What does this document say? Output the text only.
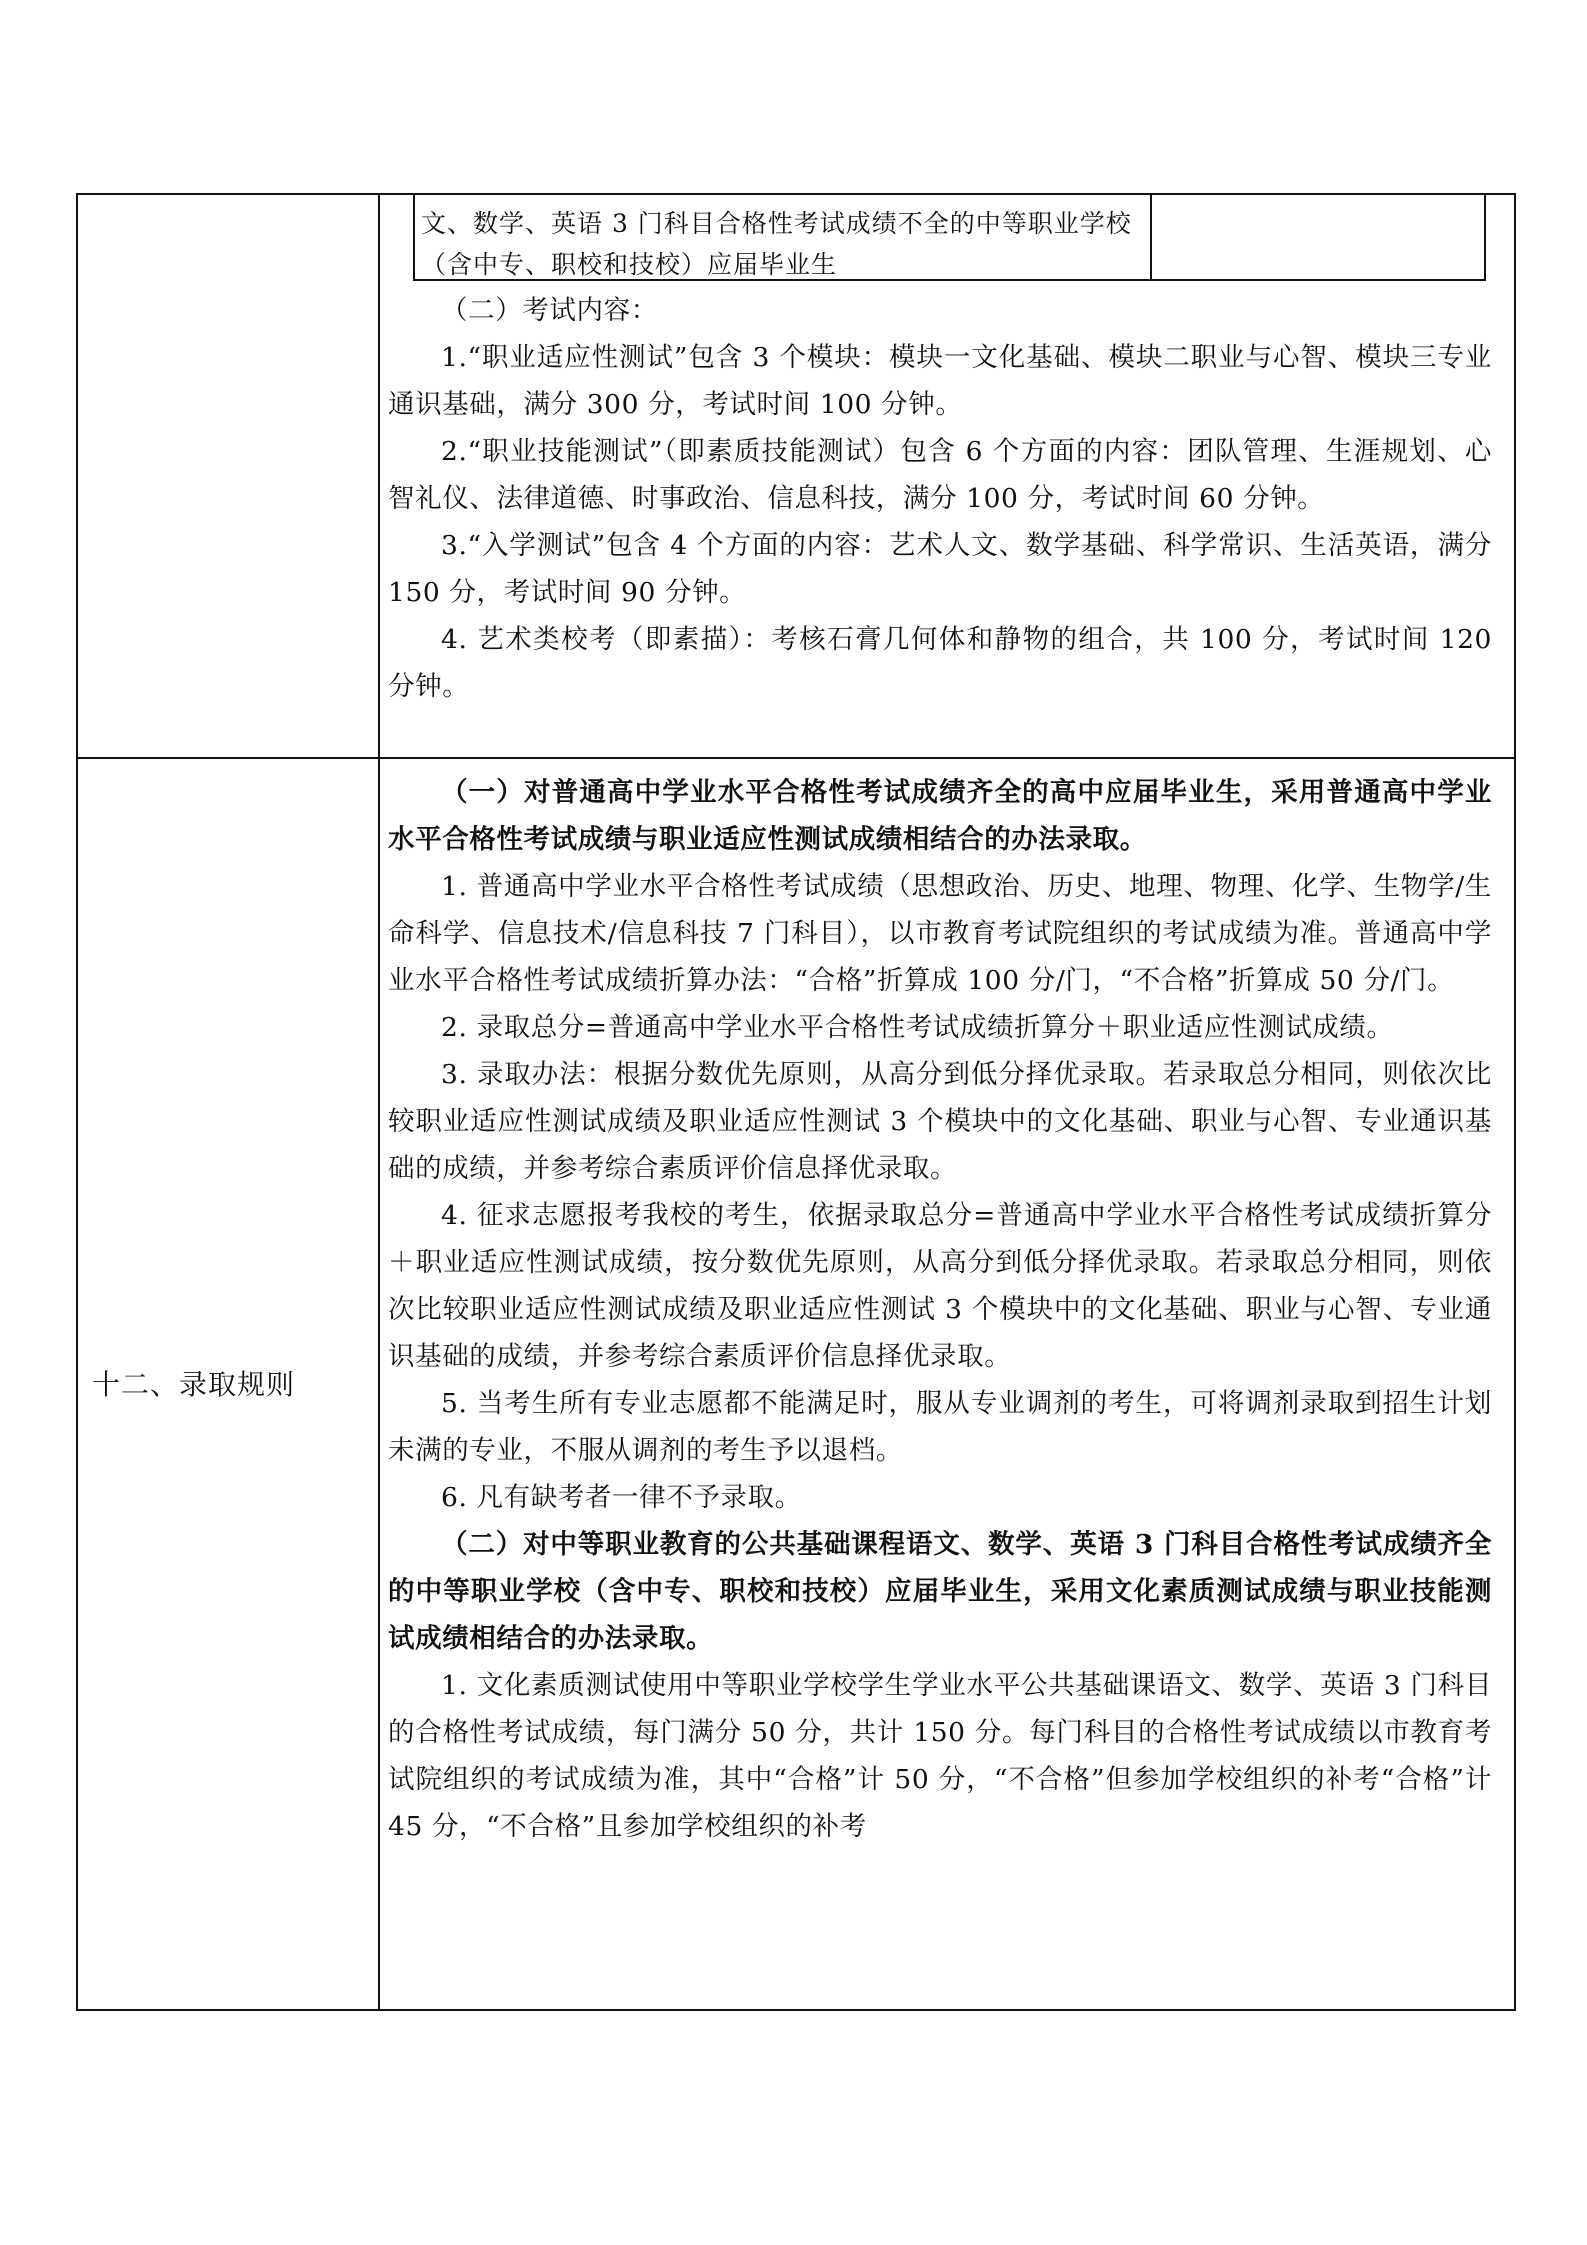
文、数学、英语 3 门科目合格性考试成绩不全的中等职业学校（含中专、职校和技校）应届毕业生

（二）考试内容：

1.“职业适应性测试”包含 3 个模块：模块一文化基础、模块二职业与心智、模块三专业通识基础，满分 300 分，考试时间 100 分钟。

2.“职业技能测试”（即素质技能测试）包含 6 个方面的内容：团队管理、生涯规划、心智礼仪、法律道德、时事政治、信息科技，满分 100 分，考试时间 60 分钟。

3.“入学测试”包含 4 个方面的内容：艺术人文、数学基础、科学常识、生活英语，满分 150 分，考试时间 90 分钟。

4. 艺术类校考（即素描）：考核石膏几何体和静物的组合，共 100 分，考试时间 120 分钟。

十二、录取规则

（一）对普通高中学业水平合格性考试成绩齐全的高中应届毕业生，采用普通高中学业水平合格性考试成绩与职业适应性测试成绩相结合的办法录取。

1. 普通高中学业水平合格性考试成绩（思想政治、历史、地理、物理、化学、生物学/生命科学、信息技术/信息科技 7 门科目），以市教育考试院组织的考试成绩为准。普通高中学业水平合格性考试成绩折算办法：“合格”折算成 100 分/门，“不合格”折算成 50 分/门。

2. 录取总分=普通高中学业水平合格性考试成绩折算分＋职业适应性测试成绩。

3. 录取办法：根据分数优先原则，从高分到低分择优录取。若录取总分相同，则依次比较职业适应性测试成绩及职业适应性测试 3 个模块中的文化基础、职业与心智、专业通识基础的成绩，并参考综合素质评价信息择优录取。

4. 征求志愿报考我校的考生，依据录取总分=普通高中学业水平合格性考试成绩折算分＋职业适应性测试成绩，按分数优先原则，从高分到低分择优录取。若录取总分相同，则依次比较职业适应性测试成绩及职业适应性测试 3 个模块中的文化基础、职业与心智、专业通识基础的成绩，并参考综合素质评价信息择优录取。

5. 当考生所有专业志愿都不能满足时，服从专业调剂的考生，可将调剂录取到招生计划未满的专业，不服从调剂的考生予以退档。

6. 凡有缺考者一律不予录取。

（二）对中等职业教育的公共基础课程语文、数学、英语 3 门科目合格性考试成绩齐全的中等职业学校（含中专、职校和技校）应届毕业生，采用文化素质测试成绩与职业技能测试成绩相结合的办法录取。

1. 文化素质测试使用中等职业学校学生学业水平公共基础课语文、数学、英语 3 门科目的合格性考试成绩，每门满分 50 分，共计 150 分。每门科目的合格性考试成绩以市教育考试院组织的考试成绩为准，其中“合格”计 50 分，“不合格”但参加学校组织的补考“合格”计 45 分，“不合格”且参加学校组织的补考
